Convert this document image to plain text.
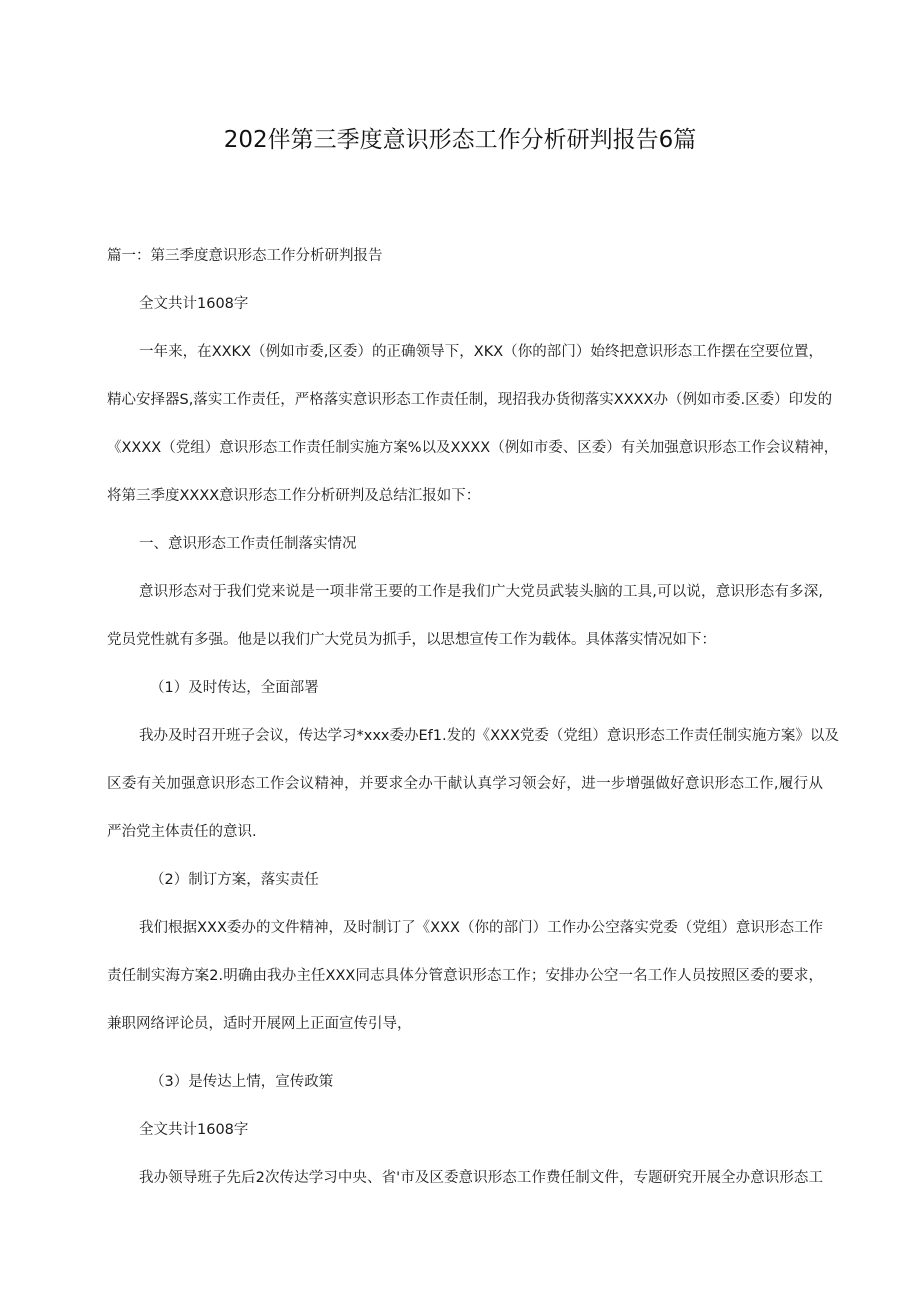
202伴第三季度意识形态工作分析研判报告6篇
篇一：第三季度意识形态工作分析研判报告
全文共计1608字
一年来，在XXKX（例如市委,区委）的正确领导下，XKX（你的部门）始终把意识形态工作摆在空要位置，
精心安择器S,落实工作责任，严格落实意识形态工作责任制，现招我办货彻落实XXXX办（例如市委.区委）印发的
《XXXX（党组）意识形态工作责任制实施方案%以及XXXX（例如市委、区委）有关加强意识形态工作会议精神，
将第三季度XXXX意识形态工作分析研判及总结汇报如下：
一、意识形态工作责任制落实情况
意识形态对于我们党来说是一项非常王要的工作是我们广大党员武装头脑的工具,可以说，意识形态有多深,
党员党性就有多强。他是以我们广大党员为抓手，以思想宣传工作为载体。具体落实情况如下：
（1）及时传达，全面部署
我办及时召开班子会议，传达学习*xxx委办Ef1.发的《XXX党委（党组）意识形态工作责任制实施方案》以及
区委有关加强意识形态工作会议精神，并要求全办干献认真学习领会好，进一步增强做好意识形态工作,履行从
严治党主体责任的意识.
（2）制订方案，落实责任
我们根据XXX委办的文件精神，及时制订了《XXX（你的部门）工作办公空落实党委（党组）意识形态工作
责任制实海方案2.明确由我办主任XXX同志具体分管意识形态工作；安排办公空一名工作人员按照区委的要求，
兼职网络评论员，适时开展网上正面宣传引导，
（3）是传达上情，宣传政策
全文共计1608字
我办领导班子先后2次传达学习中央、省'市及区委意识形态工作费任制文件，专题研究开展全办意识形态工
